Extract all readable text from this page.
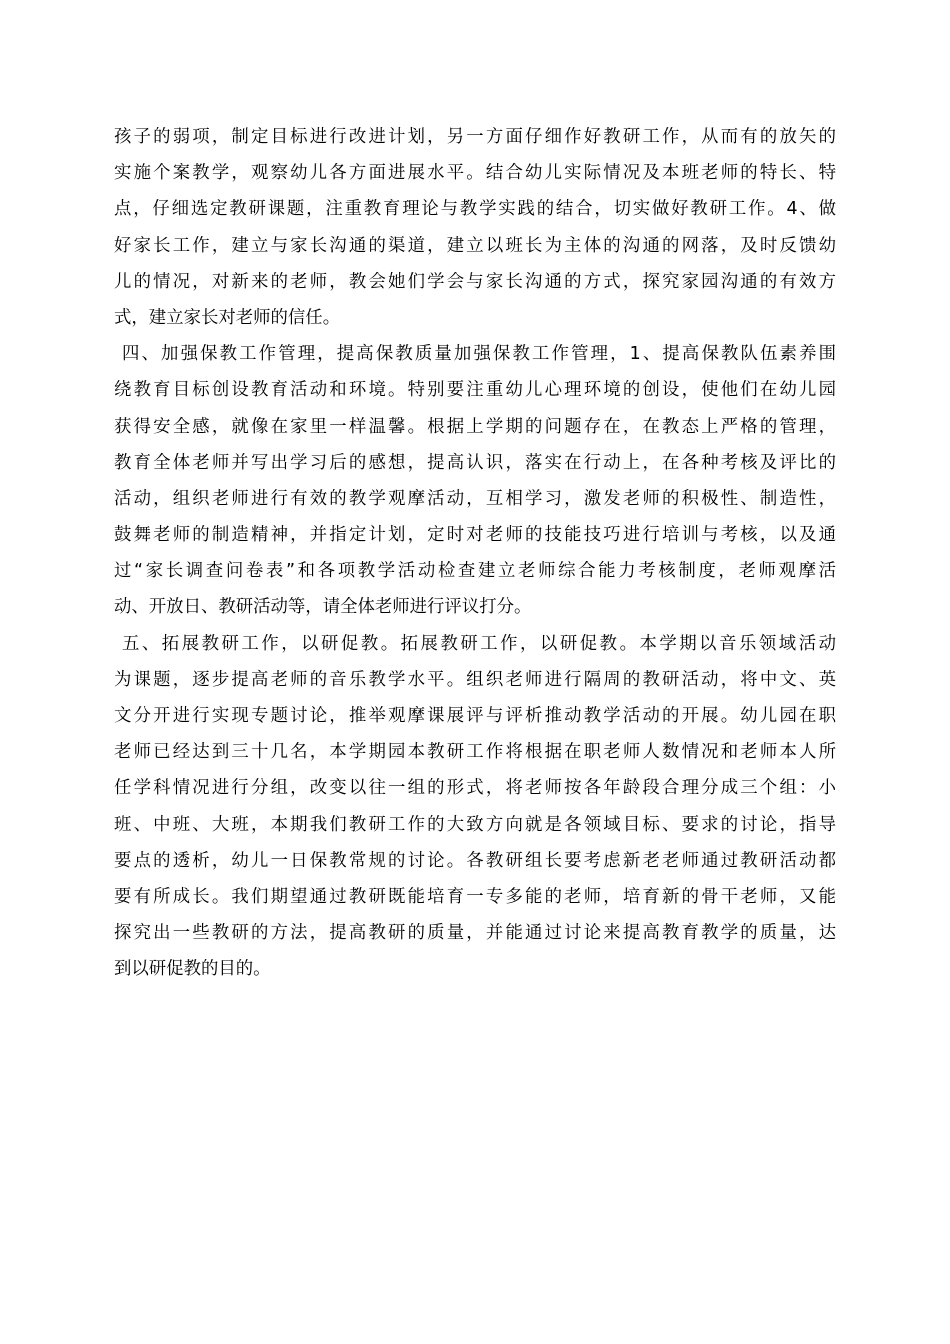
孩子的弱项，制定目标进行改进计划，另一方面仔细作好教研工作，从而有的放矢的
实施个案教学，观察幼儿各方面进展水平。结合幼儿实际情况及本班老师的特长、特
点，仔细选定教研课题，注重教育理论与教学实践的结合，切实做好教研工作。4、做
好家长工作，建立与家长沟通的渠道，建立以班长为主体的沟通的网落，及时反馈幼
儿的情况，对新来的老师，教会她们学会与家长沟通的方式，探究家园沟通的有效方
式，建立家长对老师的信任。
四、加强保教工作管理，提高保教质量加强保教工作管理，1、提高保教队伍素养围
绕教育目标创设教育活动和环境。特别要注重幼儿心理环境的创设，使他们在幼儿园
获得安全感，就像在家里一样温馨。根据上学期的问题存在，在教态上严格的管理，
教育全体老师并写出学习后的感想，提高认识，落实在行动上，在各种考核及评比的
活动，组织老师进行有效的教学观摩活动，互相学习，激发老师的积极性、制造性，
鼓舞老师的制造精神，并指定计划，定时对老师的技能技巧进行培训与考核，以及通
过“家长调查问卷表”和各项教学活动检查建立老师综合能力考核制度，老师观摩活
动、开放日、教研活动等，请全体老师进行评议打分。
五、拓展教研工作，以研促教。拓展教研工作，以研促教。本学期以音乐领域活动
为课题，逐步提高老师的音乐教学水平。组织老师进行隔周的教研活动，将中文、英
文分开进行实现专题讨论，推举观摩课展评与评析推动教学活动的开展。幼儿园在职
老师已经达到三十几名，本学期园本教研工作将根据在职老师人数情况和老师本人所
任学科情况进行分组，改变以往一组的形式，将老师按各年龄段合理分成三个组：小
班、中班、大班，本期我们教研工作的大致方向就是各领域目标、要求的讨论，指导
要点的透析，幼儿一日保教常规的讨论。各教研组长要考虑新老老师通过教研活动都
要有所成长。我们期望通过教研既能培育一专多能的老师，培育新的骨干老师，又能
探究出一些教研的方法，提高教研的质量，并能通过讨论来提高教育教学的质量，达
到以研促教的目的。
